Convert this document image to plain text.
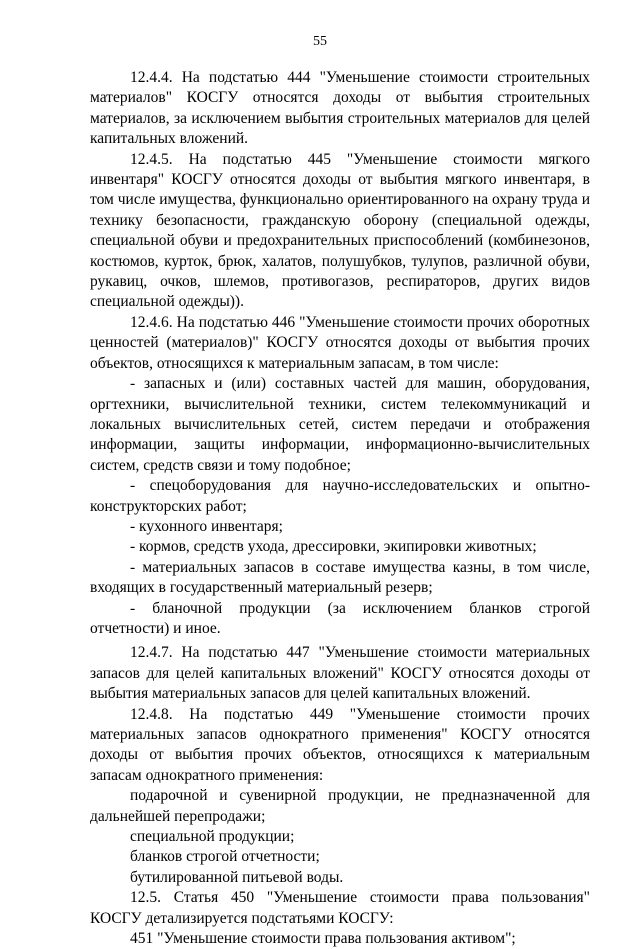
55

12.4.4. На подстатью 444 "Уменьшение стоимости строительных материалов" КОСГУ относятся доходы от выбытия строительных материалов, за исключением выбытия строительных материалов для целей капитальных вложений.

12.4.5. На подстатью 445 "Уменьшение стоимости мягкого инвентаря" КОСГУ относятся доходы от выбытия мягкого инвентаря, в том числе имущества, функционально ориентированного на охрану труда и технику безопасности, гражданскую оборону (специальной одежды, специальной обуви и предохранительных приспособлений (комбинезонов, костюмов, курток, брюк, халатов, полушубков, тулупов, различной обуви, рукавиц, очков, шлемов, противогазов, респираторов, других видов специальной одежды)).

12.4.6. На подстатью 446 "Уменьшение стоимости прочих оборотных ценностей (материалов)" КОСГУ относятся доходы от выбытия прочих объектов, относящихся к материальным запасам, в том числе:

- запасных и (или) составных частей для машин, оборудования, оргтехники, вычислительной техники, систем телекоммуникаций и локальных вычислительных сетей, систем передачи и отображения информации, защиты информации, информационно-вычислительных систем, средств связи и тому подобное;

- спецоборудования для научно-исследовательских и опытно-конструкторских работ;

- кухонного инвентаря;

- кормов, средств ухода, дрессировки, экипировки животных;

- материальных запасов в составе имущества казны, в том числе, входящих в государственный материальный резерв;

- бланочной продукции (за исключением бланков строгой отчетности) и иное.

12.4.7. На подстатью 447 "Уменьшение стоимости материальных запасов для целей капитальных вложений" КОСГУ относятся доходы от выбытия материальных запасов для целей капитальных вложений.

12.4.8. На подстатью 449 "Уменьшение стоимости прочих материальных запасов однократного применения" КОСГУ относятся доходы от выбытия прочих объектов, относящихся к материальным запасам однократного применения:

подарочной и сувенирной продукции, не предназначенной для дальнейшей перепродажи;

специальной продукции;

бланков строгой отчетности;

бутилированной питьевой воды.

12.5. Статья 450 "Уменьшение стоимости права пользования" КОСГУ детализируется подстатьями КОСГУ:

451 "Уменьшение стоимости права пользования активом";
